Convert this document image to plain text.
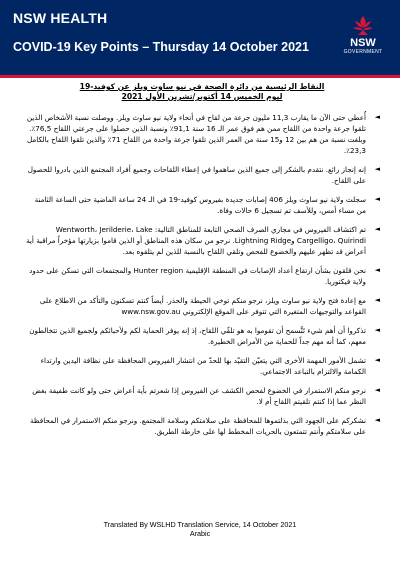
NSW HEALTH
COVID-19 Key Points – Thursday 14 October 2021	NSW
GOVERNMENT
النقاط الرئيسية من دائرة الصحة في نيو ساوث ويلز عن كوفيد-19
ليوم الخميس 14 أكتوبر/تشرين الأول 2021
◄
أُعطي حتى الآن ما يقارب 11,3 مليون جرعة من لقاح في أنحاء ولاية نيو ساوث ويلز. ووصلت نسبة الأشخاص الذين تلقوا جرعة واحدة من اللقاح ممن هم فوق عمر الـ 16 سنة 91,1٪ ونسبة الذين حصلوا على جرعتي اللقاح 76,5٪. وبلغت نسبة من هم بين 12 و15 سنة من العمر الذين تلقوا جرعة واحدة من اللقاح 71٪ والذين تلقوا اللقاح بالكامل 23,3٪.
◄
إنه إنجاز رائع. نتقدم بالشكر إلى جميع الذين ساهموا في إعطاء اللقاحات وجميع أفراد المجتمع الذين بادروا للحصول على اللقاح.
◄
سجلت ولاية نيو ساوث ويلز 406 إصابات جديدة بفيروس كوفيد-19 في الـ 24 ساعة الماضية حتى الساعة الثامنة من مساء أمس، وللأسف تم تسجيل 6 حالات وفاة.
◄
تم اكتشاف الفيروس في مجاري الصرف الصحي التابعة للمناطق التالية: Wentworth، Jerilderie، Lake Cargelligo، Quirindi وLightning Ridge. نرجو من سكان هذه المناطق أو الذين قاموا بزيارتها مؤخراً مراقبة أية أعراض قد تظهر عليهم والخضوع للفحص وتلقي اللقاح بالنسبة للذين لم يتلقوه بعد.
◄
نحن قلقون بشأن ارتفاع أعداد الإصابات في المنطقة الإقليمية Hunter region والمجتمعات التي تسكن على حدود ولاية فيكتوريا.
◄
مع إعادة فتح ولاية نيو ساوث ويلز، نرجو منكم توخي الحيطة والحذر. أيضاً كنتم تسكنون والتأكد من الاطلاع على القواعد والتوجيهات المتغيرة التي تتوفر على الموقع الإلكتروني www.nsw.gov.au
◄
تذكروا أن أهم شيء تَتَّسمح أن تقوموا به هو تلقّي اللقاح، إذ إنه يوفر الحماية لكم ولأحبائكم ولجميع الذين تتخالطون معهم، كما أنه مهم جداً للحماية من الأمراض الخطيرة.
◄
تشمل الأمور المهمة الأخرى التي يتعيّن التقيّد بها للحدّ من انتشار الفيروس المحافظة على نظافة اليدين وارتداء الكمامة والالتزام بالتباعد الاجتماعي.
◄
نرجو منكم الاستمرار في الخضوع لفحص الكشف عن الفيروس إذا شعرتم بأية أعراض حتى ولو كانت طفيفة بغض النظر عما إذا كنتم تلقيتم اللقاح أم لا.
◄
نشكركم على الجهود التي بذلتموها للمحافظة على سلامتكم وسلامة المجتمع. ونرجو منكم الاستمرار في المحافظة على سلامتكم وأنتم تتمتعون بالحريات المخطط لها على خارطة الطريق.
Translated By WSLHD Translation Service, 14 October 2021
Arabic
